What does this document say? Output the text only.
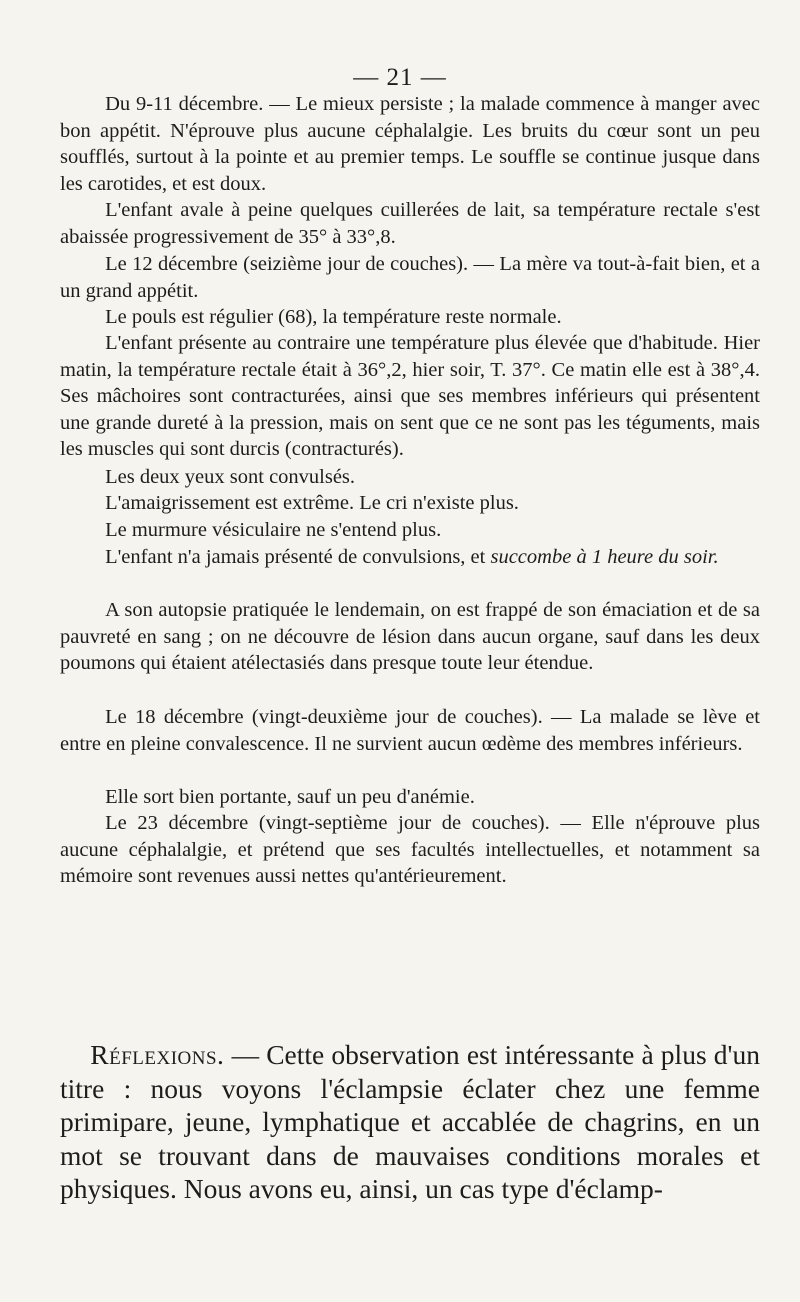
— 21 —

Du 9-11 décembre. — Le mieux persiste ; la malade commence à manger avec bon appétit. N'éprouve plus aucune céphalalgie. Les bruits du cœur sont un peu soufflés, surtout à la pointe et au premier temps. Le souffle se continue jusque dans les carotides, et est doux.

L'enfant avale à peine quelques cuillerées de lait, sa température rectale s'est abaissée progressivement de 35° à 33°,8.

Le 12 décembre (seizième jour de couches). — La mère va tout-à-fait bien, et a un grand appétit.

Le pouls est régulier (68), la température reste normale.

L'enfant présente au contraire une température plus élevée que d'habitude. Hier matin, la température rectale était à 36°,2, hier soir, T. 37°. Ce matin elle est à 38°,4. Ses mâchoires sont contracturées, ainsi que ses membres inférieurs qui présentent une grande dureté à la pression, mais on sent que ce ne sont pas les téguments, mais les muscles qui sont durcis (contracturés).

Les deux yeux sont convulsés.

L'amaigrissement est extrême. Le cri n'existe plus.

Le murmure vésiculaire ne s'entend plus.

L'enfant n'a jamais présenté de convulsions, et succombe à 1 heure du soir.

A son autopsie pratiquée le lendemain, on est frappé de son émaciation et de sa pauvreté en sang ; on ne découvre de lésion dans aucun organe, sauf dans les deux poumons qui étaient atélectasiés dans presque toute leur étendue.

Le 18 décembre (vingt-deuxième jour de couches). — La malade se lève et entre en pleine convalescence. Il ne survient aucun œdème des membres inférieurs.

Elle sort bien portante, sauf un peu d'anémie.

Le 23 décembre (vingt-septième jour de couches). — Elle n'éprouve plus aucune céphalalgie, et prétend que ses facultés intellectuelles, et notamment sa mémoire sont revenues aussi nettes qu'antérieurement.

Réflexions. — Cette observation est intéressante à plus d'un titre : nous voyons l'éclampsie éclater chez une femme primipare, jeune, lymphatique et accablée de chagrins, en un mot se trouvant dans de mauvaises conditions morales et physiques. Nous avons eu, ainsi, un cas type d'éclamp-
